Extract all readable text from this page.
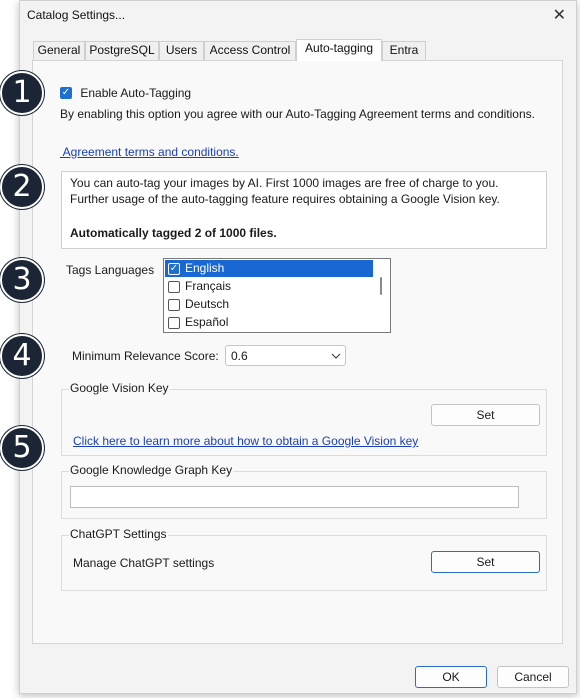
Catalog Settings...	✕
General PostgreSQL Users	Access Control	Auto-tagging	Entra
✓ Enable Auto-Tagging
By enabling this option you agree with our Auto-Tagging Agreement terms and conditions.
Agreement terms and conditions.
You can auto-tag your images by AI. First 1000 images are free of charge to you.
Further usage of the auto-tagging feature requires obtaining a Google Vision key.
Automatically tagged 2 of 1000 files.
Tags Languages	✓ English
Français
Deutsch
Español
Minimum Relevance Score: 0.6
Google Vision Key
Set
Click here to learn more about how to obtain a Google Vision key
Google Knowledge Graph Key
ChatGPT Settings
Manage ChatGPT settings	Set
OK	Cancel
1
2
3
4
5
